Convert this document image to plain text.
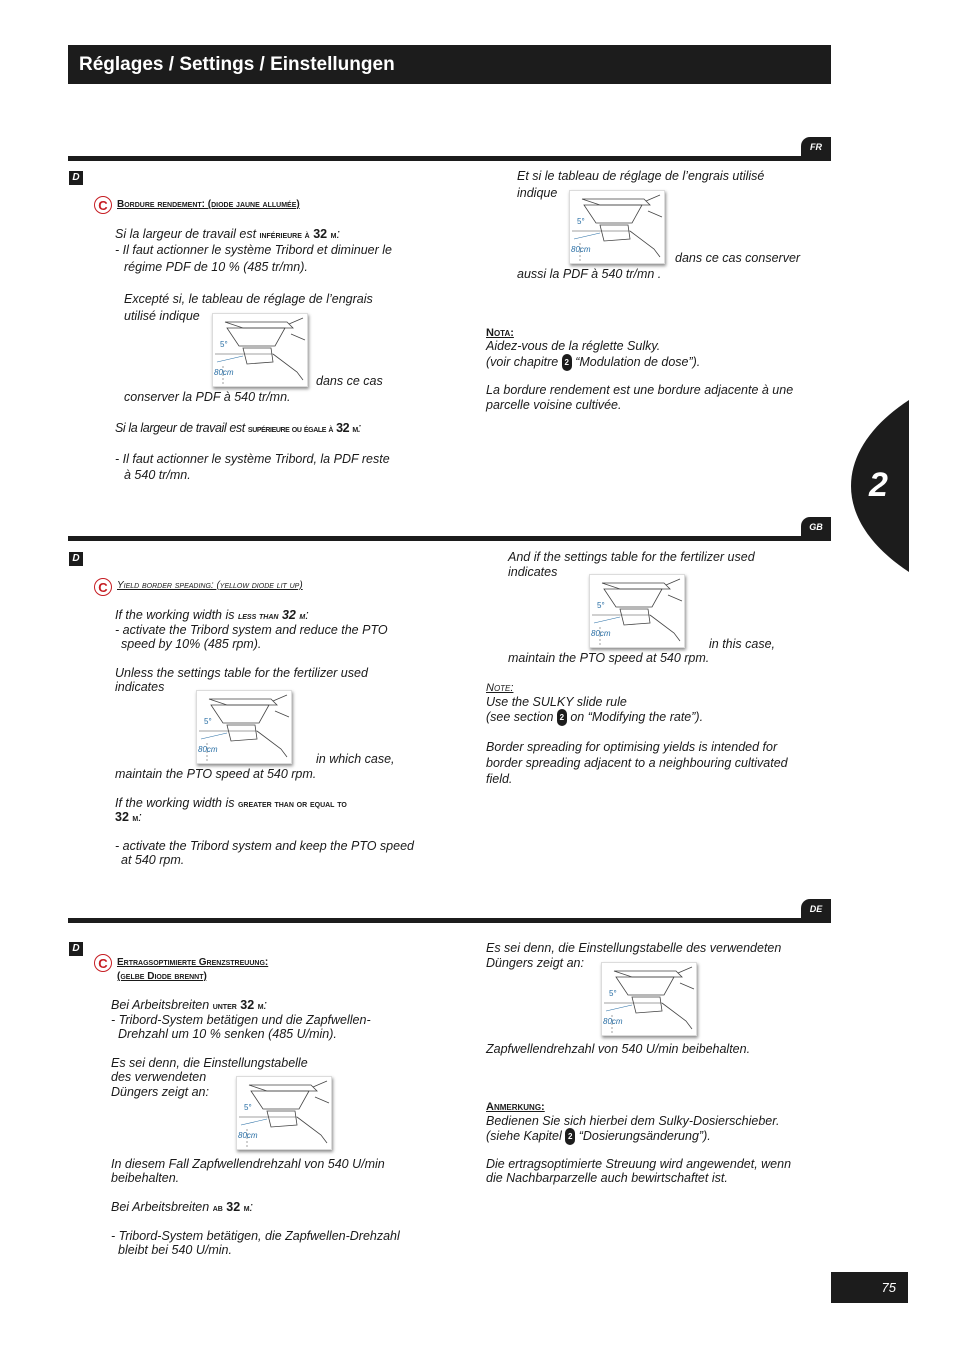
Réglages / Settings / Einstellungen
2
FR
D
C Bordure rendement: (diode jaune allumée)
Si la largeur de travail est inférieure à 32 m:
- Il faut actionner le système Tribord et diminuer le
régime PDF de 10 % (485 tr/mn).
Excepté si, le tableau de réglage de l’engrais
utilisé indique
5°
80cm
dans ce cas
conserver la PDF à 540 tr/mn.
Si la largeur de travail est supérieure ou égale à 32 m:
- Il faut actionner le système Tribord, la PDF reste
à 540 tr/mn.
Et si le tableau de réglage de l’engrais utilisé
indique
5°
80cm
dans ce cas conserver
aussi la PDF à 540 tr/mn .
Nota:
Aidez-vous de la réglette Sulky.
(voir chapitre 2 “Modulation de dose”).
La bordure rendement est une bordure adjacente à une
parcelle voisine cultivée.
GB
D
C Yield border speading: (yellow diode lit up)
If the working width is less than 32 m:
- activate the Tribord system and reduce the PTO
speed by 10% (485 rpm).
Unless the settings table for the fertilizer used
indicates
5°
80cm
in which case,
maintain the PTO speed at 540 rpm.
If the working width is greater than or equal to
32 m:
- activate the Tribord system and keep the PTO speed
at 540 rpm.
And if the settings table for the fertilizer used
indicates
5°
80cm
in this case,
maintain the PTO speed at 540 rpm.
Note:
Use the SULKY slide rule
(see section 2 on “Modifying the rate”).
Border spreading for optimising yields is intended for
border spreading adjacent to a neighbouring cultivated
field.
DE
D
C Ertragsoptimierte Grenzstreuung:
(gelbe Diode brennt)
Bei Arbeitsbreiten unter 32 m:
- Tribord-System betätigen und die Zapfwellen-
Drehzahl um 10 % senken (485 U/min).
Es sei denn, die Einstellungstabelle
des verwendeten
Düngers zeigt an:
5°
80cm
In diesem Fall Zapfwellendrehzahl von 540 U/min
beibehalten.
Bei Arbeitsbreiten ab 32 m:
- Tribord-System betätigen, die Zapfwellen-Drehzahl
bleibt bei 540 U/min.
Es sei denn, die Einstellungstabelle des verwendeten
Düngers zeigt an:
5°
80cm
Zapfwellendrehzahl von 540 U/min beibehalten.
Anmerkung:
Bedienen Sie sich hierbei dem Sulky-Dosierschieber.
(siehe Kapitel 2 “Dosierungsänderung”).
Die ertragsoptimierte Streuung wird angewendet, wenn
die Nachbarparzelle auch bewirtschaftet ist.
75
